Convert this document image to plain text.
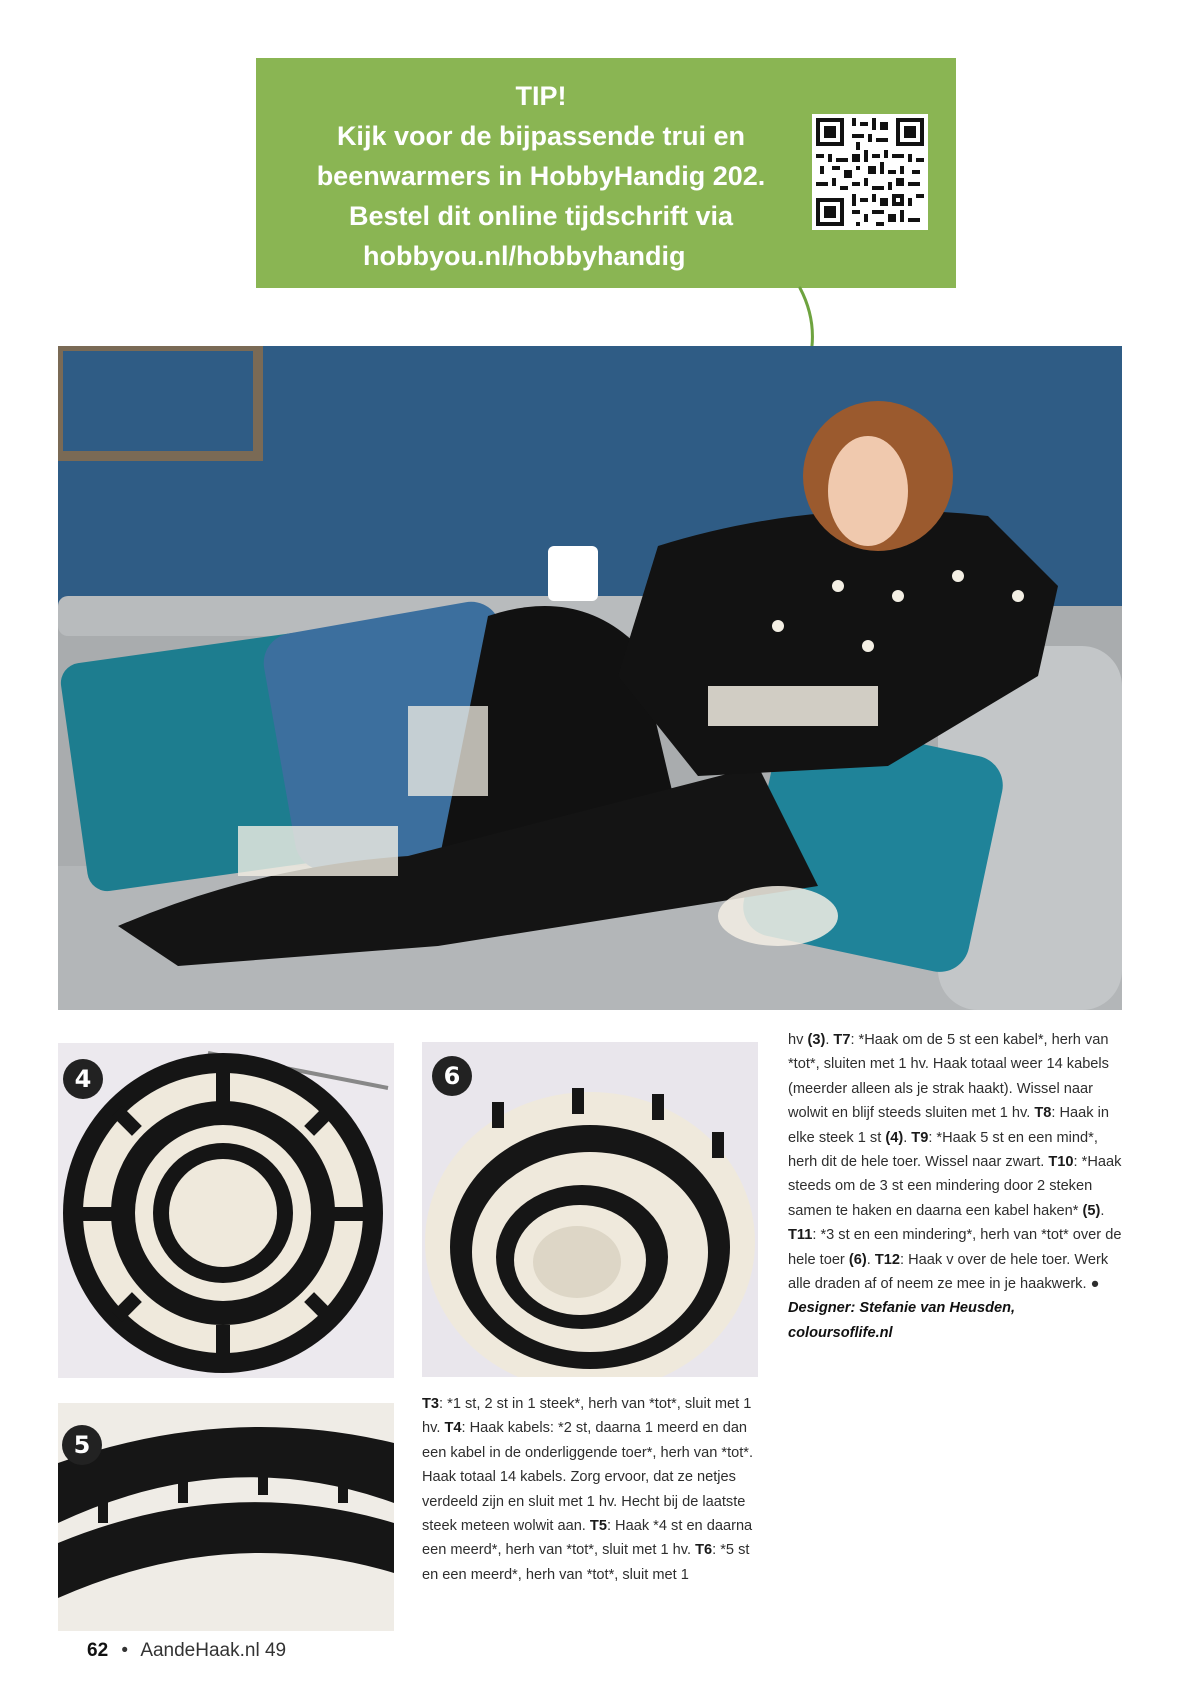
TIP!
Kijk voor de bijpassende trui en
beenwarmers in HobbyHandig 202.
Bestel dit online tijdschrift via
hobbyou.nl/hobbyhandig
4
5
6
hv (3). T7: *Haak om de 5 st een kabel*, herh van *tot*, sluiten met 1 hv. Haak totaal weer 14 kabels (meerder alleen als je strak haakt). Wissel naar wolwit en blijf steeds sluiten met 1 hv. T8: Haak in elke steek 1 st (4). T9: *Haak 5 st en een mind*, herh dit de hele toer. Wissel naar zwart. T10: *Haak steeds om de 3 st een mindering door 2 steken samen te haken en daarna een kabel haken* (5). T11: *3 st en een mindering*, herh van *tot* over de hele toer (6). T12: Haak v over de hele toer. Werk alle draden af of neem ze mee in je haakwerk. ●
Designer: Stefanie van Heusden,
coloursoflife.nl
T3: *1 st, 2 st in 1 steek*, herh van *tot*, sluit met 1 hv. T4: Haak kabels: *2 st, daarna 1 meerd en dan een kabel in de onderliggende toer*, herh van *tot*. Haak totaal 14 kabels. Zorg ervoor, dat ze netjes verdeeld zijn en sluit met 1 hv. Hecht bij de laatste steek meteen wolwit aan. T5: Haak *4 st en daarna een meerd*, herh van *tot*, sluit met 1 hv. T6: *5 st en een meerd*, herh van *tot*, sluit met 1
62 • AandeHaak.nl 49
